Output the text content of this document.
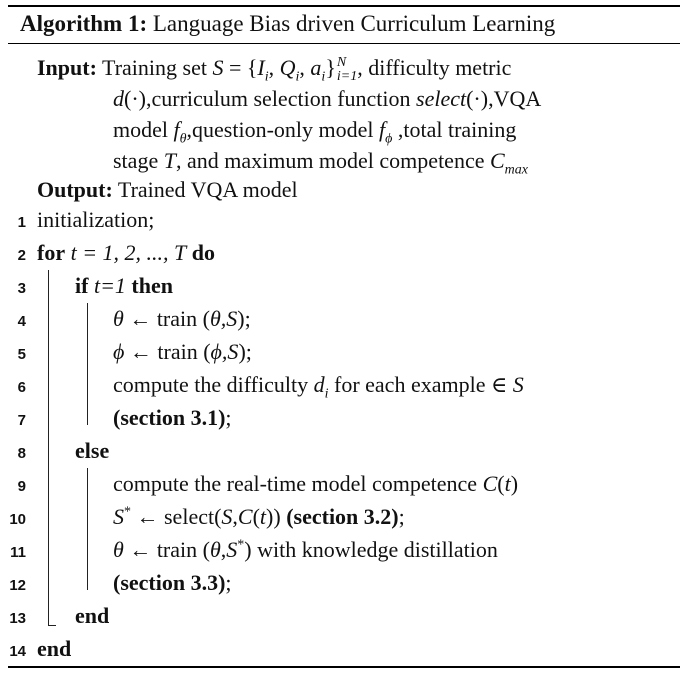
Algorithm 1: Language Bias driven Curriculum Learning
Input: Training set $S = \{I_i$, $Q_i$, $a_i$} N
i=1 , difficulty metric
d(·),curriculum selection function select(·),VQA
model $f_\theta,question$-only model $f_\phi$ ,total training
stage T, and maximum model competence $C_{max}$
Output: Trained VQA model
1 initialization;
2 for t = 1, 2, ..., T do
3 if t=1 then
4	θ ← train (θ,S);
5	ϕ ← train (ϕ,S);
6	compute the difficulty $d_i$ for each example ∈ S
7	(section 3.1);
8 else
9	compute the real-time model competence C(t)
10	S* ← select(S,C(t)) (section 3.2);
11	θ ← train (θ,S*) with knowledge distillation
12	(section 3.3);
13 end
14 end
